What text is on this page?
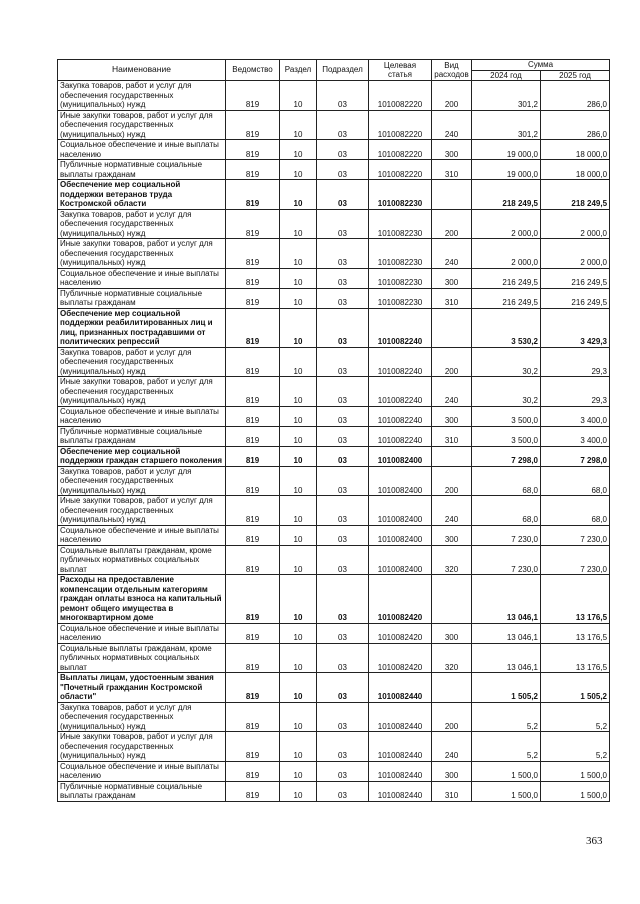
Наименование	Ведомство	Раздел	Подраздел	Целевая статья	Вид расходов	Сумма	
						2024 год	2025 год
Закупка товаров, работ и услуг для обеспечения государственных (муниципальных) нужд	819	10	03	1010082220	200	301,2	286,0
Иные закупки товаров, работ и услуг для обеспечения государственных (муниципальных) нужд	819	10	03	1010082220	240	301,2	286,0
Социальное обеспечение и иные выплаты населению	819	10	03	1010082220	300	19 000,0	18 000,0
Публичные нормативные социальные выплаты гражданам	819	10	03	1010082220	310	19 000,0	18 000,0
Обеспечение мер социальной поддержки ветеранов труда Костромской области	819	10	03	1010082230		218 249,5	218 249,5
Закупка товаров, работ и услуг для обеспечения государственных (муниципальных) нужд	819	10	03	1010082230	200	2 000,0	2 000,0
Иные закупки товаров, работ и услуг для обеспечения государственных (муниципальных) нужд	819	10	03	1010082230	240	2 000,0	2 000,0
Социальное обеспечение и иные выплаты населению	819	10	03	1010082230	300	216 249,5	216 249,5
Публичные нормативные социальные выплаты гражданам	819	10	03	1010082230	310	216 249,5	216 249,5
Обеспечение мер социальной поддержки реабилитированных лиц и лиц, признанных пострадавшими от политических репрессий	819	10	03	1010082240		3 530,2	3 429,3
Закупка товаров, работ и услуг для обеспечения государственных (муниципальных) нужд	819	10	03	1010082240	200	30,2	29,3
Иные закупки товаров, работ и услуг для обеспечения государственных (муниципальных) нужд	819	10	03	1010082240	240	30,2	29,3
Социальное обеспечение и иные выплаты населению	819	10	03	1010082240	300	3 500,0	3 400,0
Публичные нормативные социальные выплаты гражданам	819	10	03	1010082240	310	3 500,0	3 400,0
Обеспечение мер социальной поддержки граждан старшего поколения	819	10	03	1010082400		7 298,0	7 298,0
Закупка товаров, работ и услуг для обеспечения государственных (муниципальных) нужд	819	10	03	1010082400	200	68,0	68,0
Иные закупки товаров, работ и услуг для обеспечения государственных (муниципальных) нужд	819	10	03	1010082400	240	68,0	68,0
Социальное обеспечение и иные выплаты населению	819	10	03	1010082400	300	7 230,0	7 230,0
Социальные выплаты гражданам, кроме публичных нормативных социальных выплат	819	10	03	1010082400	320	7 230,0	7 230,0
Расходы на предоставление компенсации отдельным категориям граждан оплаты взноса на капитальный ремонт общего имущества в многоквартирном доме	819	10	03	1010082420		13 046,1	13 176,5
Социальное обеспечение и иные выплаты населению	819	10	03	1010082420	300	13 046,1	13 176,5
Социальные выплаты гражданам, кроме публичных нормативных социальных выплат	819	10	03	1010082420	320	13 046,1	13 176,5
Выплаты лицам, удостоенным звания "Почетный гражданин Костромской области"	819	10	03	1010082440		1 505,2	1 505,2
Закупка товаров, работ и услуг для обеспечения государственных (муниципальных) нужд	819	10	03	1010082440	200	5,2	5,2
Иные закупки товаров, работ и услуг для обеспечения государственных (муниципальных) нужд	819	10	03	1010082440	240	5,2	5,2
Социальное обеспечение и иные выплаты населению	819	10	03	1010082440	300	1 500,0	1 500,0
Публичные нормативные социальные выплаты гражданам	819	10	03	1010082440	310	1 500,0	1 500,0
363
